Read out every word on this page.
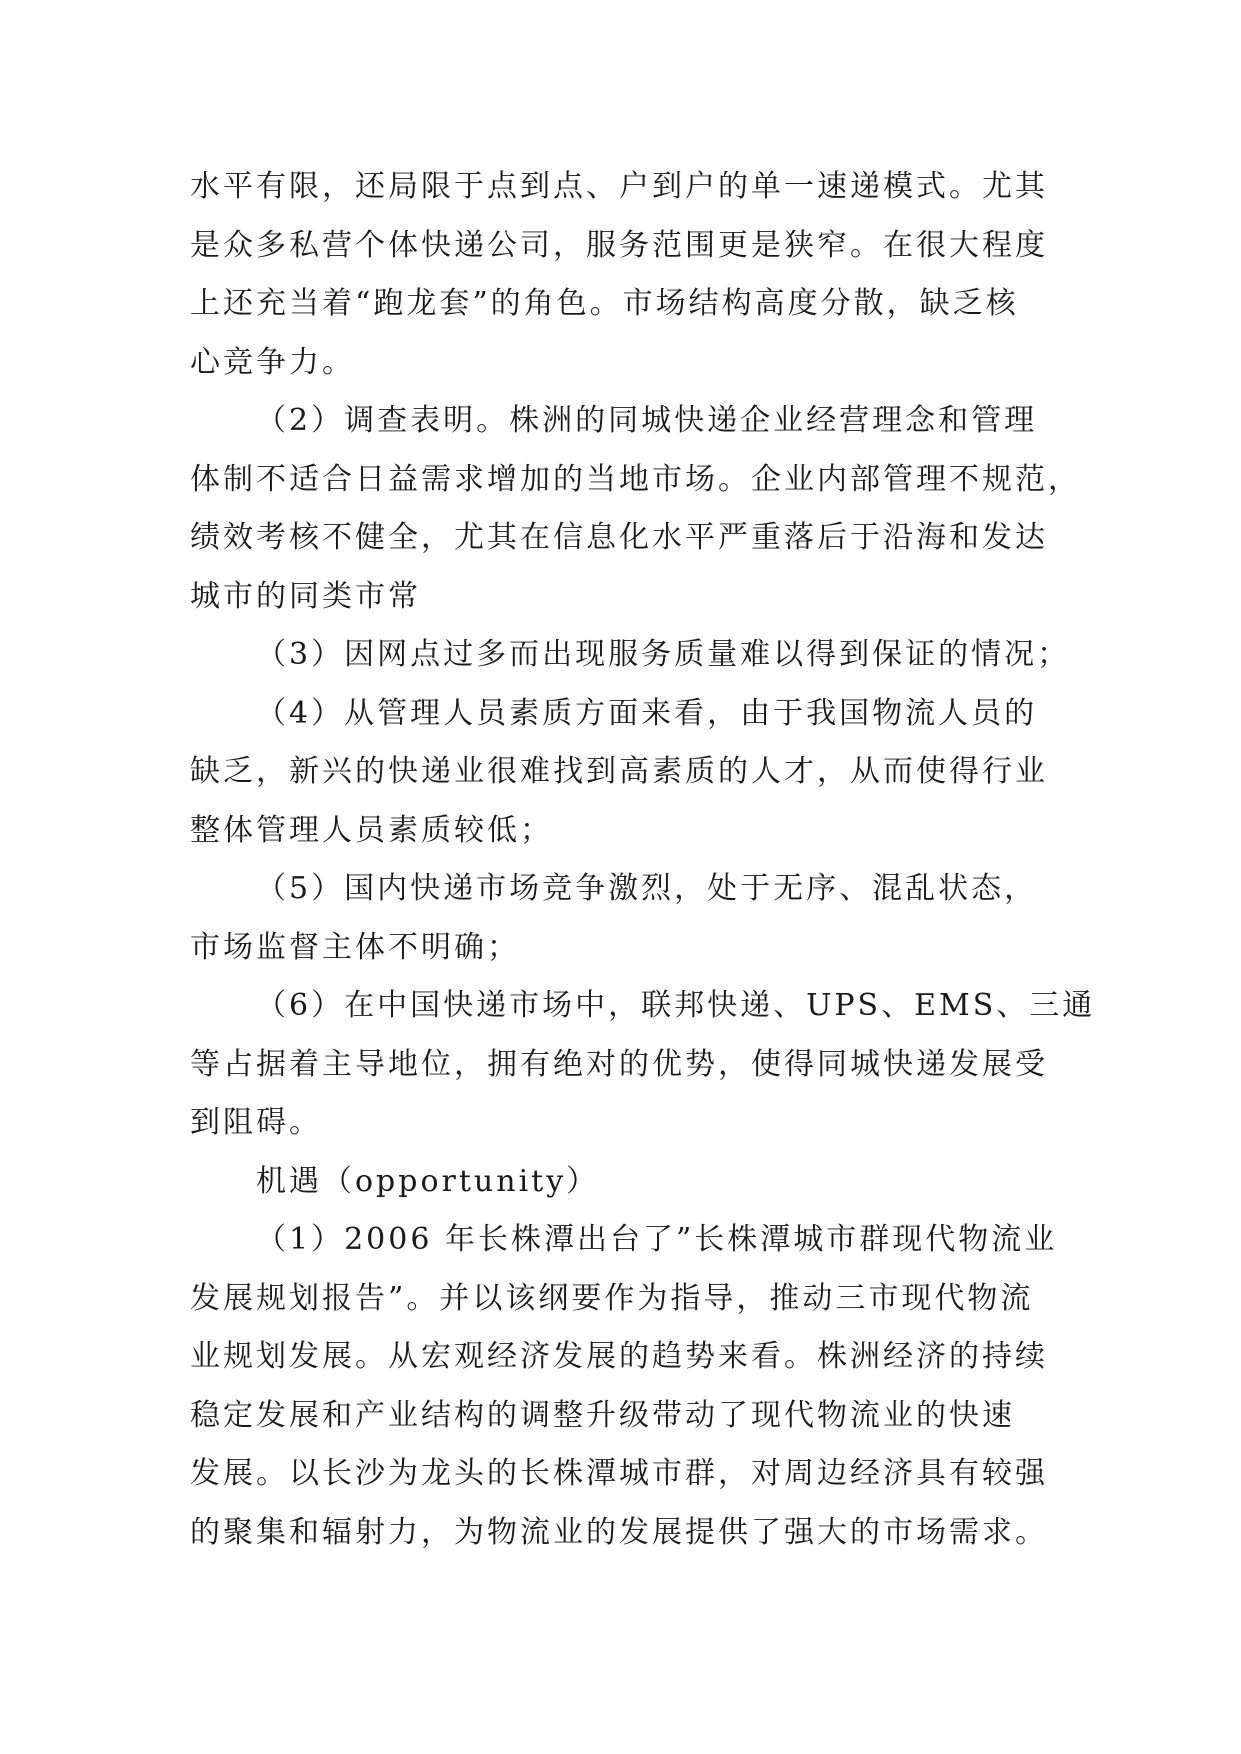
水平有限，还局限于点到点、户到户的单一速递模式。尤其
是众多私营个体快递公司，服务范围更是狭窄。在很大程度
上还充当着“跑龙套”的角色。市场结构高度分散，缺乏核
心竞争力。
（2）调查表明。株洲的同城快递企业经营理念和管理
体制不适合日益需求增加的当地市场。企业内部管理不规范，
绩效考核不健全，尤其在信息化水平严重落后于沿海和发达
城市的同类市常
（3）因网点过多而出现服务质量难以得到保证的情况；
（4）从管理人员素质方面来看，由于我国物流人员的
缺乏，新兴的快递业很难找到高素质的人才，从而使得行业
整体管理人员素质较低；
（5）国内快递市场竞争激烈，处于无序、混乱状态，
市场监督主体不明确；
（6）在中国快递市场中，联邦快递、UPS、EMS、三通
等占据着主导地位，拥有绝对的优势，使得同城快递发展受
到阻碍。
机遇（opportunity）
（1）2006 年长株潭出台了”长株潭城市群现代物流业
发展规划报告”。并以该纲要作为指导，推动三市现代物流
业规划发展。从宏观经济发展的趋势来看。株洲经济的持续
稳定发展和产业结构的调整升级带动了现代物流业的快速
发展。以长沙为龙头的长株潭城市群，对周边经济具有较强
的聚集和辐射力，为物流业的发展提供了强大的市场需求。
